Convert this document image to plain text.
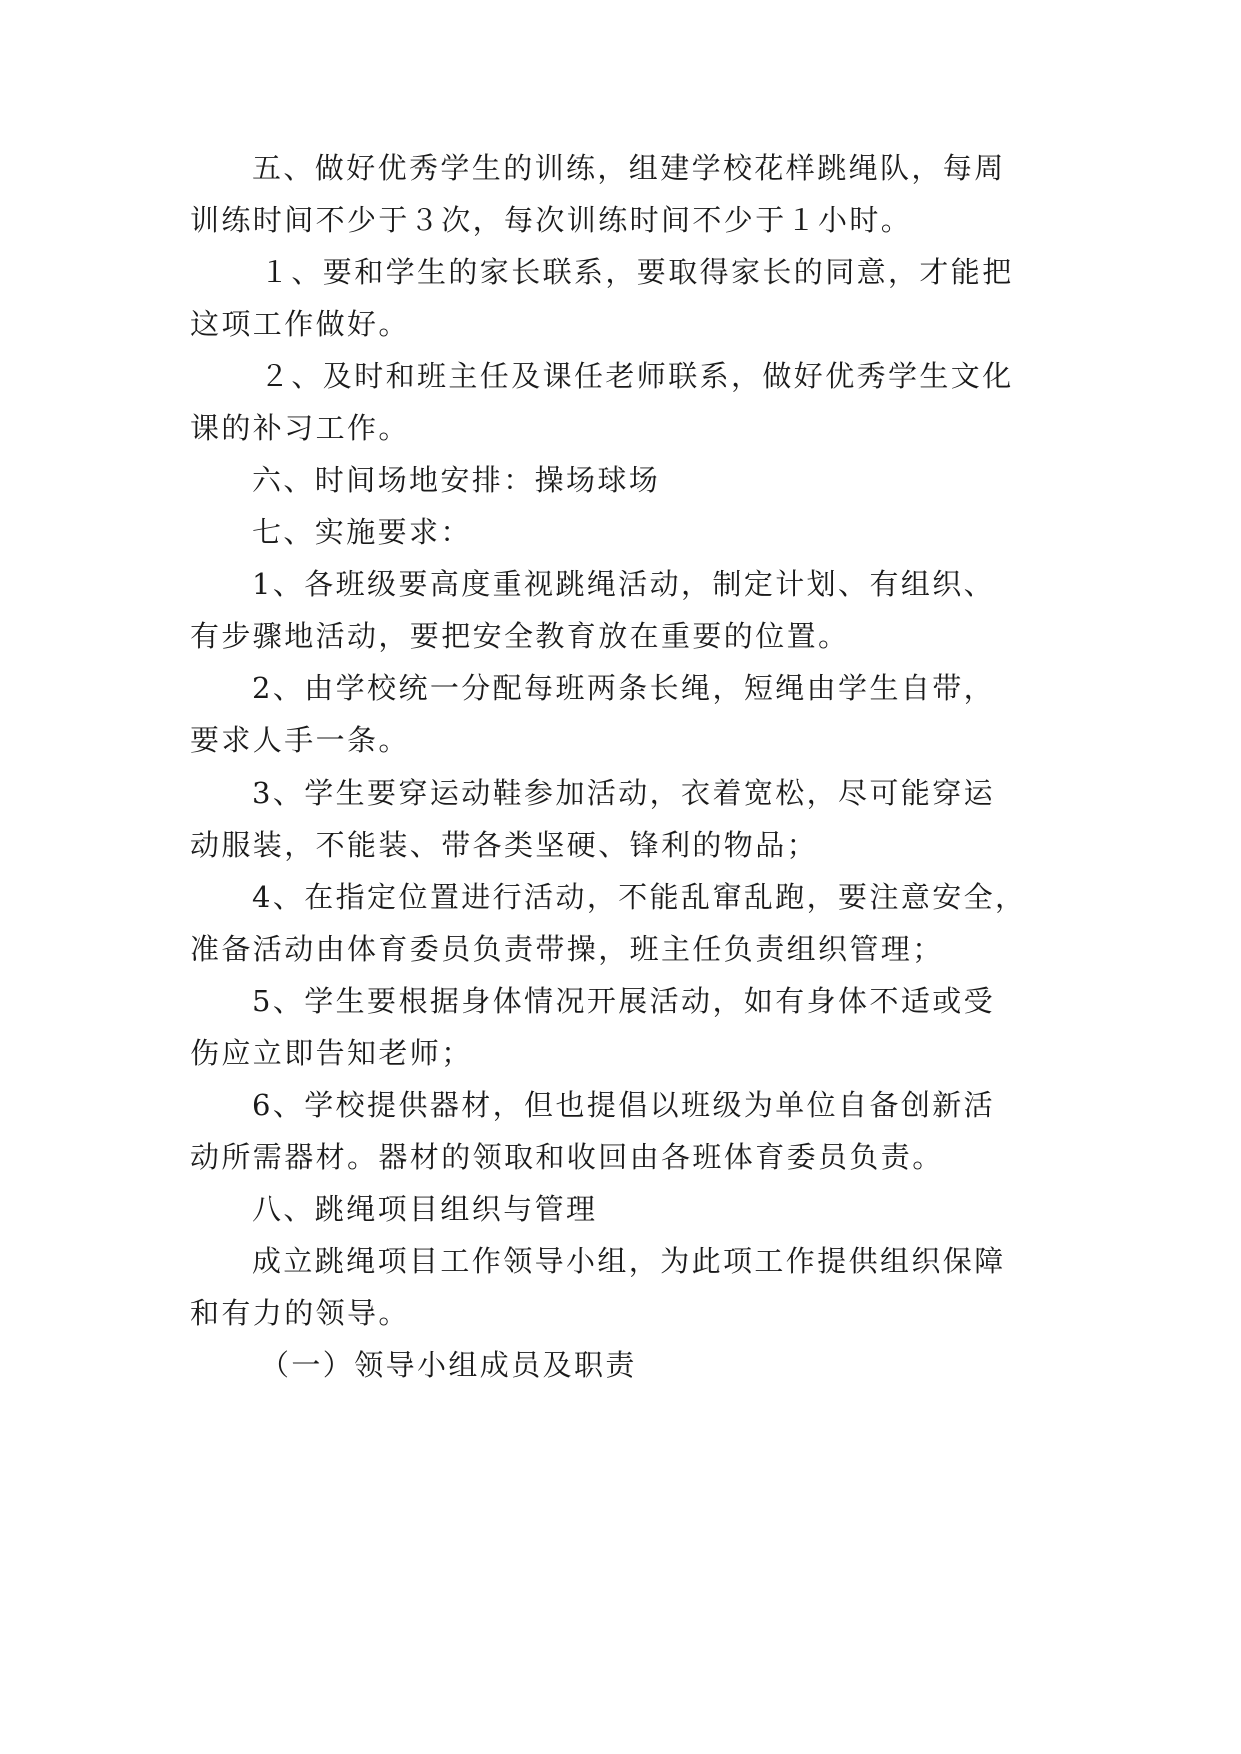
五、做好优秀学生的训练，组建学校花样跳绳队，每周
训练时间不少于３次，每次训练时间不少于１小时。
１、要和学生的家长联系，要取得家长的同意，才能把
这项工作做好。
２、及时和班主任及课任老师联系，做好优秀学生文化
课的补习工作。
六、时间场地安排：操场球场
七、实施要求：
1、各班级要高度重视跳绳活动，制定计划、有组织、
有步骤地活动，要把安全教育放在重要的位置。
2、由学校统一分配每班两条长绳，短绳由学生自带，
要求人手一条。
3、学生要穿运动鞋参加活动，衣着宽松，尽可能穿运
动服装，不能装、带各类坚硬、锋利的物品；
4、在指定位置进行活动，不能乱窜乱跑，要注意安全，
准备活动由体育委员负责带操，班主任负责组织管理；
5、学生要根据身体情况开展活动，如有身体不适或受
伤应立即告知老师；
6、学校提供器材，但也提倡以班级为单位自备创新活
动所需器材。器材的领取和收回由各班体育委员负责。
八、跳绳项目组织与管理
成立跳绳项目工作领导小组，为此项工作提供组织保障
和有力的领导。
（一）领导小组成员及职责
